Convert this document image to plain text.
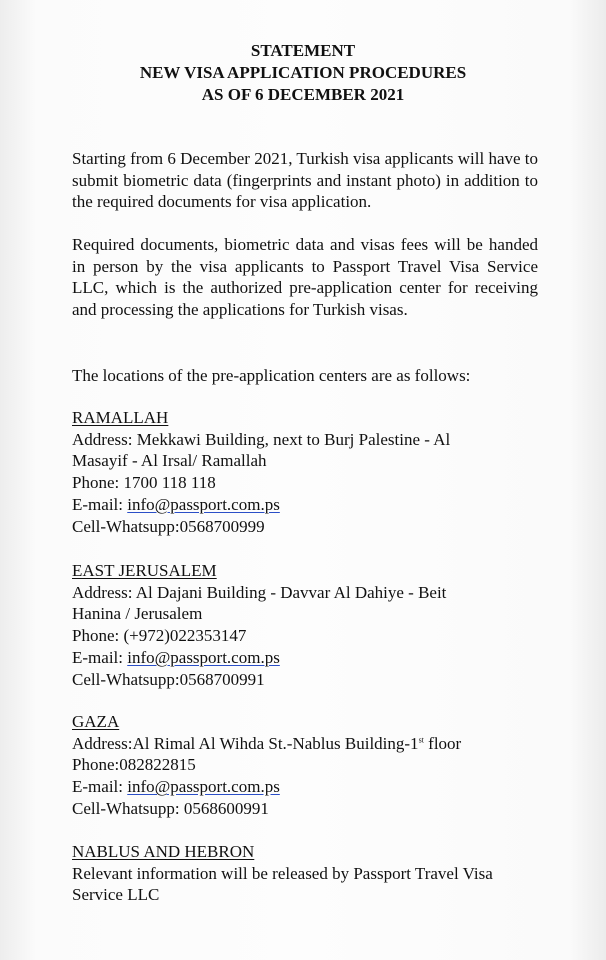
STATEMENT
NEW VISA APPLICATION PROCEDURES
AS OF 6 DECEMBER 2021
Starting from 6 December 2021, Turkish visa applicants will have to submit biometric data (fingerprints and instant photo) in addition to the required documents for visa application.
Required documents, biometric data and visas fees will be handed in person by the visa applicants to Passport Travel Visa Service LLC, which is the authorized pre-application center for receiving and processing the applications for Turkish visas.
The locations of the pre-application centers are as follows:
RAMALLAH
Address: Mekkawi Building, next to Burj Palestine - Al
Masayif - Al Irsal/ Ramallah
Phone: 1700 118 118
E-mail: info@passport.com.ps
Cell-Whatsupp:0568700999
EAST JERUSALEM
Address: Al Dajani Building - Davvar Al Dahiye - Beit
Hanina / Jerusalem
Phone: (+972)022353147
E-mail: info@passport.com.ps
Cell-Whatsupp:0568700991
GAZA
Address:Al Rimal Al Wihda St.-Nablus Building-1st floor
Phone:082822815
E-mail: info@passport.com.ps
Cell-Whatsupp: 0568600991
NABLUS AND HEBRON
Relevant information will be released by Passport Travel Visa Service LLC
